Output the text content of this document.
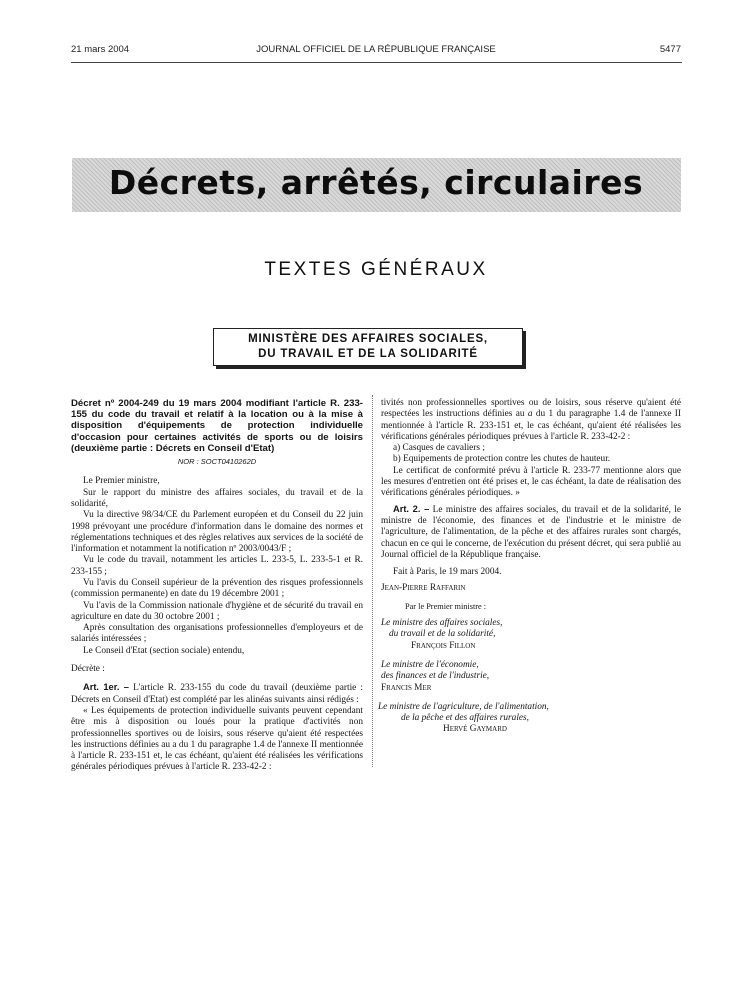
21 mars 2004	JOURNAL OFFICIEL DE LA RÉPUBLIQUE FRANÇAISE	5477
Décrets, arrêtés, circulaires
TEXTES GÉNÉRAUX
MINISTÈRE DES AFFAIRES SOCIALES,
DU TRAVAIL ET DE LA SOLIDARITÉ
Décret nº 2004-249 du 19 mars 2004 modifiant l'article R. 233-155 du code du travail et relatif à la location ou à la mise à disposition d'équipements de protection individuelle d'occasion pour certaines activités de sports ou de loisirs (deuxième partie : Décrets en Conseil d'Etat)
NOR : SOCT0410262D

Le Premier ministre,

Sur le rapport du ministre des affaires sociales, du travail et de la solidarité,

Vu la directive 98/34/CE du Parlement européen et du Conseil du 22 juin 1998 prévoyant une procédure d'information dans le domaine des normes et réglementations techniques et des règles relatives aux services de la société de l'information et notamment la notification nº 2003/0043/F ;

Vu le code du travail, notamment les articles L. 233-5, L. 233-5-1 et R. 233-155 ;

Vu l'avis du Conseil supérieur de la prévention des risques professionnels (commission permanente) en date du 19 décembre 2001 ;

Vu l'avis de la Commission nationale d'hygiène et de sécurité du travail en agriculture en date du 30 octobre 2001 ;

Après consultation des organisations professionnelles d'employeurs et de salariés intéressées ;

Le Conseil d'Etat (section sociale) entendu,

Décrète :

Art. 1er. – L'article R. 233-155 du code du travail (deuxième partie : Décrets en Conseil d'Etat) est complété par les alinéas suivants ainsi rédigés :

« Les équipements de protection individuelle suivants peuvent cependant être mis à disposition ou loués pour la pratique d'activités non professionnelles sportives ou de loisirs, sous réserve qu'aient été respectées les instructions définies au a du 1 du paragraphe 1.4 de l'annexe II mentionnée à l'article R. 233-151 et, le cas échéant, qu'aient été réalisées les vérifications générales périodiques prévues à l'article R. 233-42-2 :

tivités non professionnelles sportives ou de loisirs, sous réserve qu'aient été respectées les instructions définies au a du 1 du paragraphe 1.4 de l'annexe II mentionnée à l'article R. 233-151 et, le cas échéant, qu'aient été réalisées les vérifications générales périodiques prévues à l'article R. 233-42-2 :

a) Casques de cavaliers ;

b) Equipements de protection contre les chutes de hauteur.

Le certificat de conformité prévu à l'article R. 233-77 mentionne alors que les mesures d'entretien ont été prises et, le cas échéant, la date de réalisation des vérifications générales périodiques. »

Art. 2. – Le ministre des affaires sociales, du travail et de la solidarité, le ministre de l'économie, des finances et de l'industrie et le ministre de l'agriculture, de l'alimentation, de la pêche et des affaires rurales sont chargés, chacun en ce qui le concerne, de l'exécution du présent décret, qui sera publié au Journal officiel de la République française.

Fait à Paris, le 19 mars 2004.

Jean-Pierre Raffarin

Par le Premier ministre :

Le ministre des affaires sociales,

du travail et de la solidarité,

François Fillon

Le ministre de l'économie,

des finances et de l'industrie,

Francis Mer

Le ministre de l'agriculture, de l'alimentation,

de la pêche et des affaires rurales,

Hervé Gaymard
